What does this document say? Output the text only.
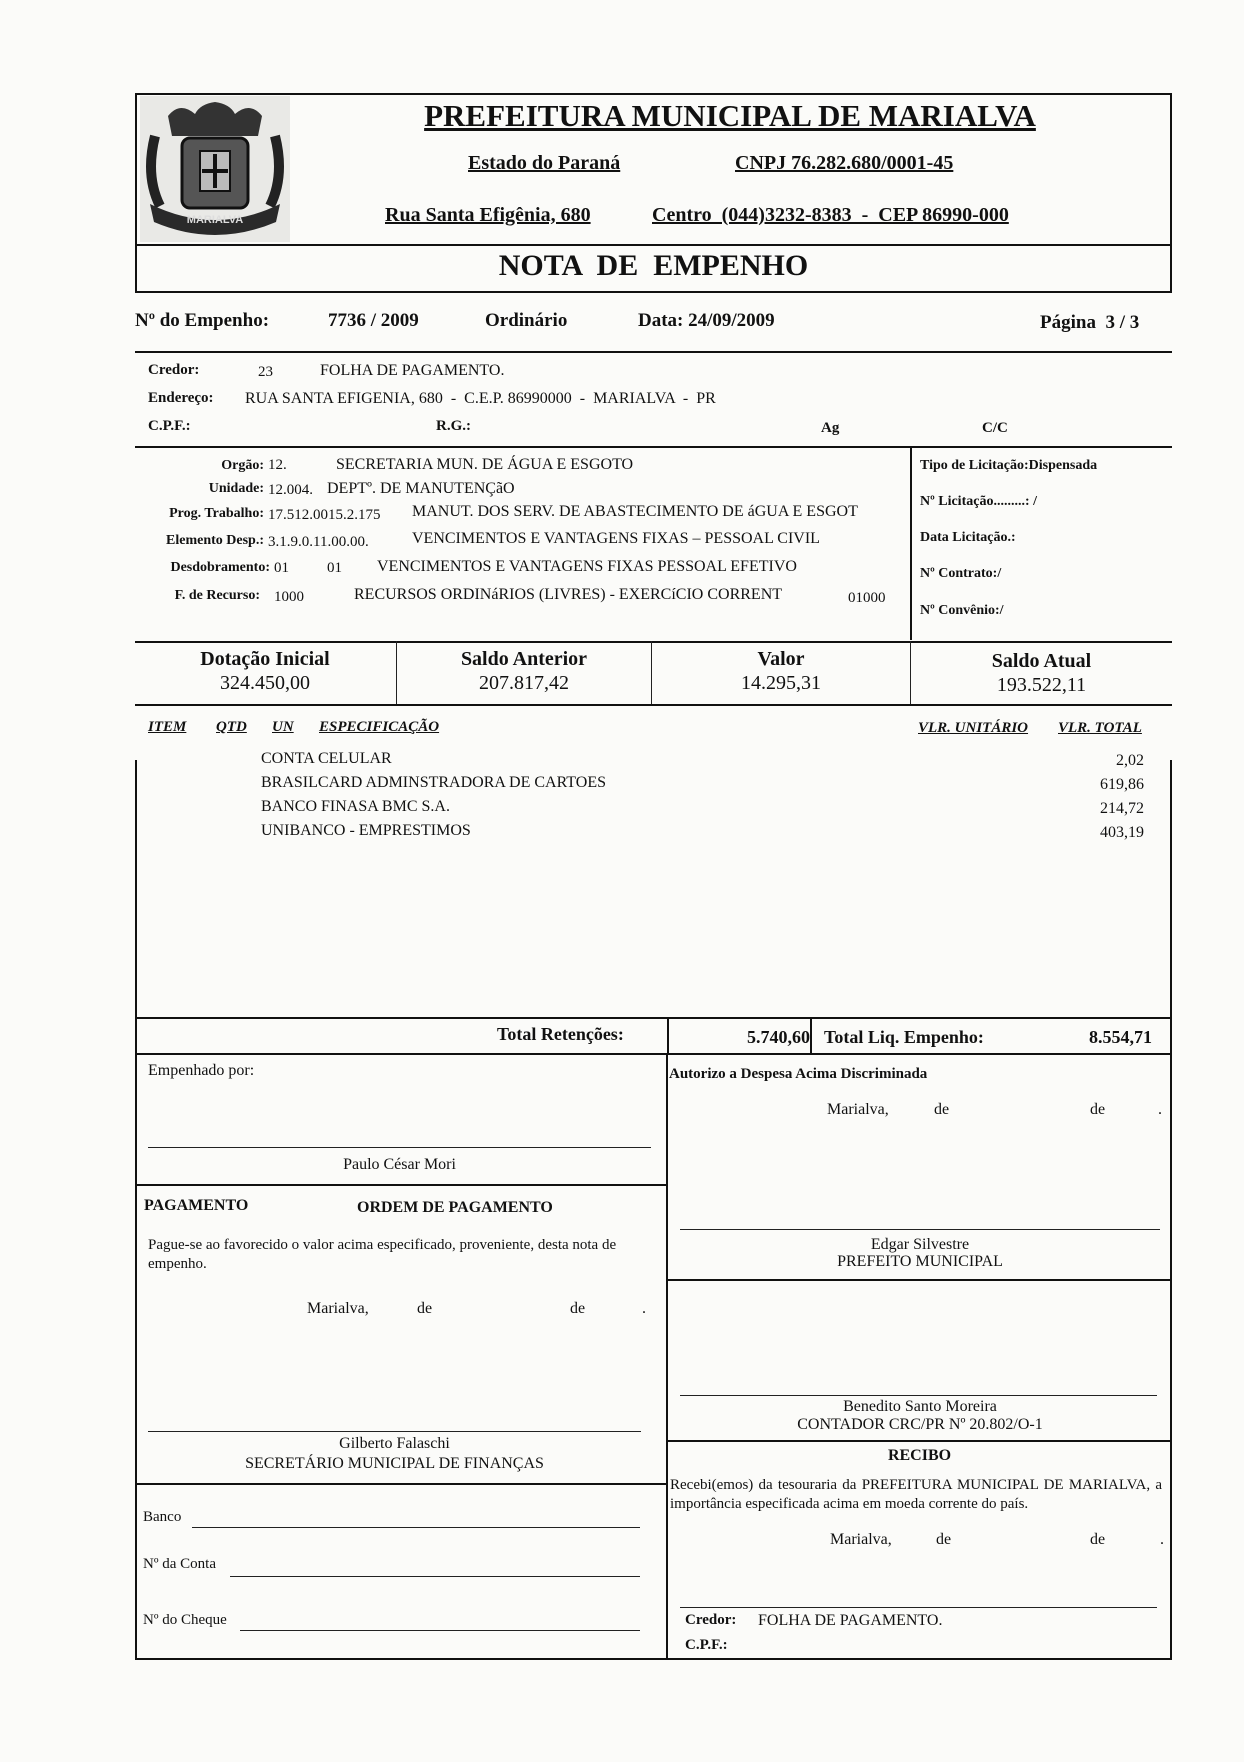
MARIALVA
PREFEITURA MUNICIPAL DE MARIALVA
Estado do Paraná	CNPJ 76.282.680/0001-45
Rua Santa Efigênia, 680	Centro  (044)3232-8383  -  CEP 86990-000
NOTA  DE  EMPENHO
Nº do Empenho:	7736 / 2009	Ordinário	Data: 24/09/2009	Página  3 / 3
Credor:	23	FOLHA DE PAGAMENTO.
Endereço: RUA SANTA EFIGENIA, 680  -  C.E.P. 86990000  -  MARIALVA  -  PR
C.P.F.:	R.G.:	Ag	C/C
Orgão: 12.	SECRETARIA MUN. DE ÁGUA E ESGOTO
Unidade: 12.004. DEPTº. DE MANUTENÇãO
Prog. Trabalho: 17.512.0015.2.175 MANUT. DOS SERV. DE ABASTECIMENTO DE áGUA E ESGOT
Elemento Desp.: 3.1.9.0.11.00.00.	VENCIMENTOS E VANTAGENS FIXAS – PESSOAL CIVIL
Desdobramento: 01	01 VENCIMENTOS E VANTAGENS FIXAS PESSOAL EFETIVO
F. de Recurso: 1000	RECURSOS ORDINáRIOS (LIVRES) - EXERCíCIO CORRENT	01000
Tipo de Licitação:Dispensada
Nº Licitação.........: /
Data Licitação.:
Nº Contrato:/
Nº Convênio:/
Dotação Inicial
324.450,00
Saldo Anterior
207.817,42
Valor
14.295,31
Saldo Atual
193.522,11
ITEM QTD UN ESPECIFICAÇÃO	VLR. UNITÁRIO VLR. TOTAL
CONTA CELULAR	2,02
BRASILCARD ADMINSTRADORA DE CARTOES	619,86
BANCO FINASA BMC S.A.	214,72
UNIBANCO - EMPRESTIMOS	403,19
Total Retenções:	5.740,60 Total Liq. Empenho:	8.554,71
Empenhado por:
Paulo César Mori
PAGAMENTO	ORDEM DE PAGAMENTO
Pague-se ao favorecido o valor acima especificado, proveniente, desta nota de empenho.
Marialva,	de	de	.
Gilberto Falaschi
SECRETÁRIO MUNICIPAL DE FINANÇAS
Banco
Nº da Conta
Nº do Cheque
Autorizo a Despesa Acima Discriminada
Marialva,	de	de	.
Edgar Silvestre
PREFEITO MUNICIPAL
Benedito Santo Moreira
CONTADOR CRC/PR Nº 20.802/O-1
RECIBO
Recebi(emos) da tesouraria da PREFEITURA MUNICIPAL DE MARIALVA, a importância especificada acima em moeda corrente do país.
Marialva,	de	de	.
Credor: FOLHA DE PAGAMENTO.
C.P.F.:
